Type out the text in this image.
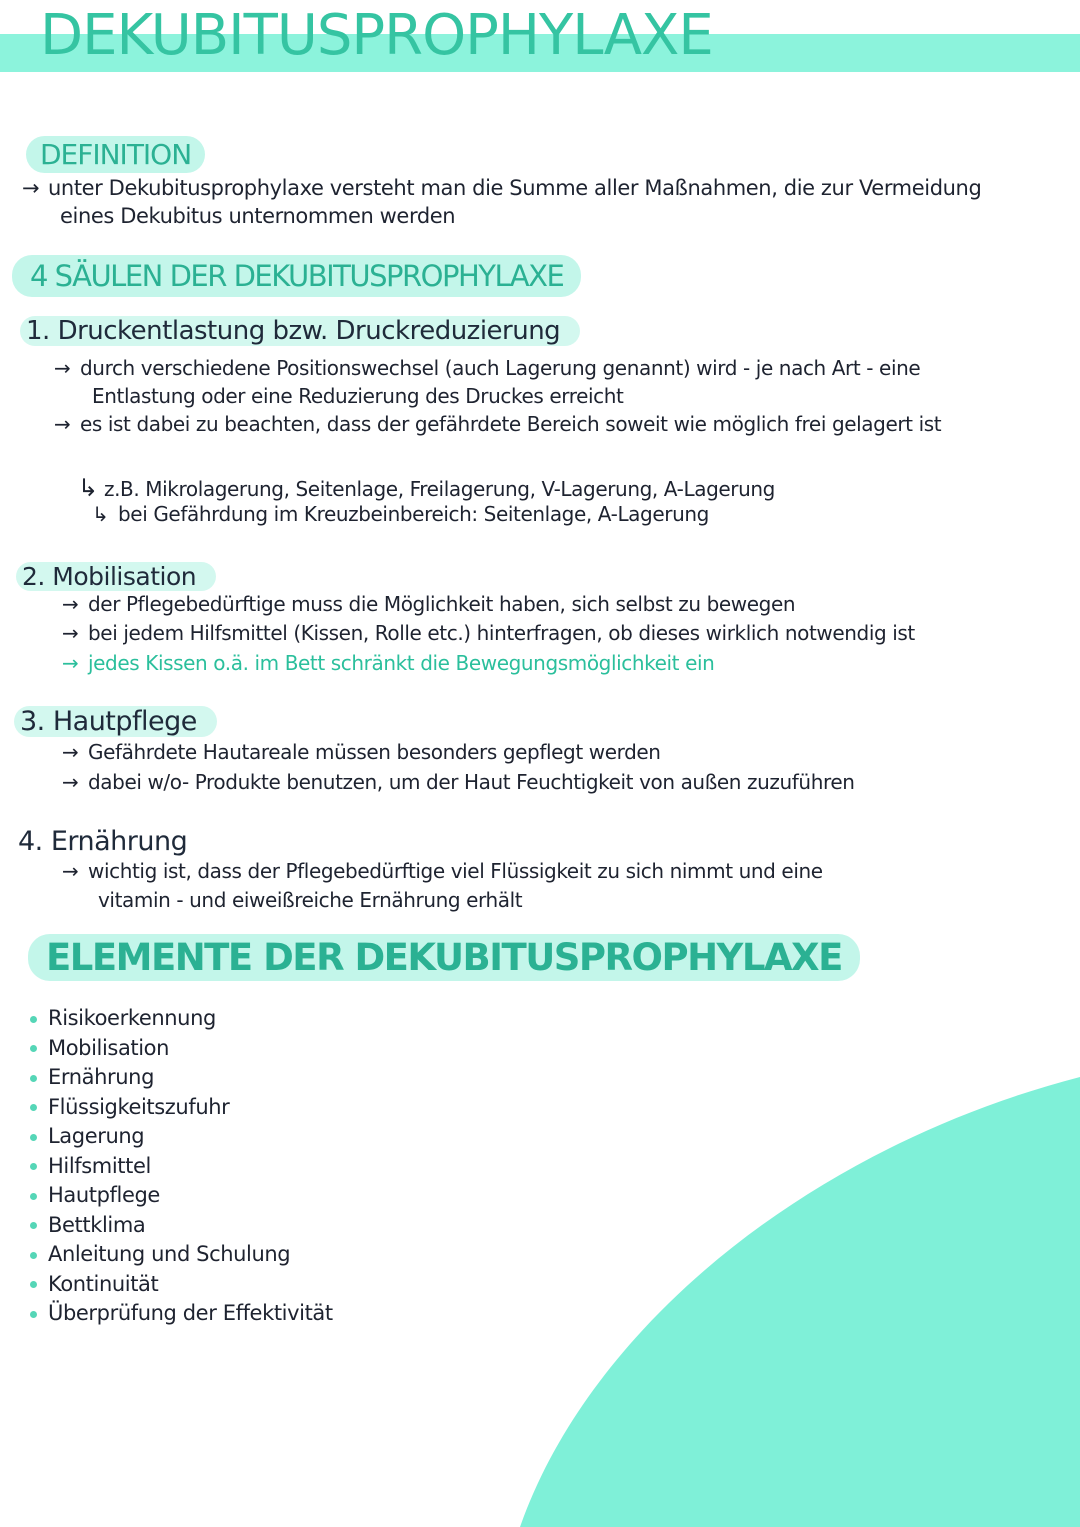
DEKUBITUSPROPHYLAXE
DEFINITION
→ unter Dekubitusprophylaxe versteht man die Summe aller Maßnahmen, die zur Vermeidung
eines Dekubitus unternommen werden
4 SÄULEN DER DEKUBITUSPROPHYLAXE
1. Druckentlastung bzw. Druckreduzierung
→ durch verschiedene Positionswechsel (auch Lagerung genannt) wird - je nach Art - eine
Entlastung oder eine Reduzierung des Druckes erreicht
→ es ist dabei zu beachten, dass der gefährdete Bereich soweit wie möglich frei gelagert ist
↳ z.B. Mikrolagerung, Seitenlage, Freilagerung, V-Lagerung, A-Lagerung
↳ bei Gefährdung im Kreuzbeinbereich: Seitenlage, A-Lagerung
2. Mobilisation
→ der Pflegebedürftige muss die Möglichkeit haben, sich selbst zu bewegen
→ bei jedem Hilfsmittel (Kissen, Rolle etc.) hinterfragen, ob dieses wirklich notwendig ist
→ jedes Kissen o.ä. im Bett schränkt die Bewegungsmöglichkeit ein
3. Hautpflege
→ Gefährdete Hautareale müssen besonders gepflegt werden
→ dabei w/o- Produkte benutzen, um der Haut Feuchtigkeit von außen zuzuführen
4. Ernährung
→ wichtig ist, dass der Pflegebedürftige viel Flüssigkeit zu sich nimmt und eine
vitamin - und eiweißreiche Ernährung erhält
ELEMENTE DER DEKUBITUSPROPHYLAXE
Risikoerkennung
Mobilisation
Ernährung
Flüssigkeitszufuhr
Lagerung
Hilfsmittel
Hautpflege
Bettklima
Anleitung und Schulung
Kontinuität
Überprüfung der Effektivität
